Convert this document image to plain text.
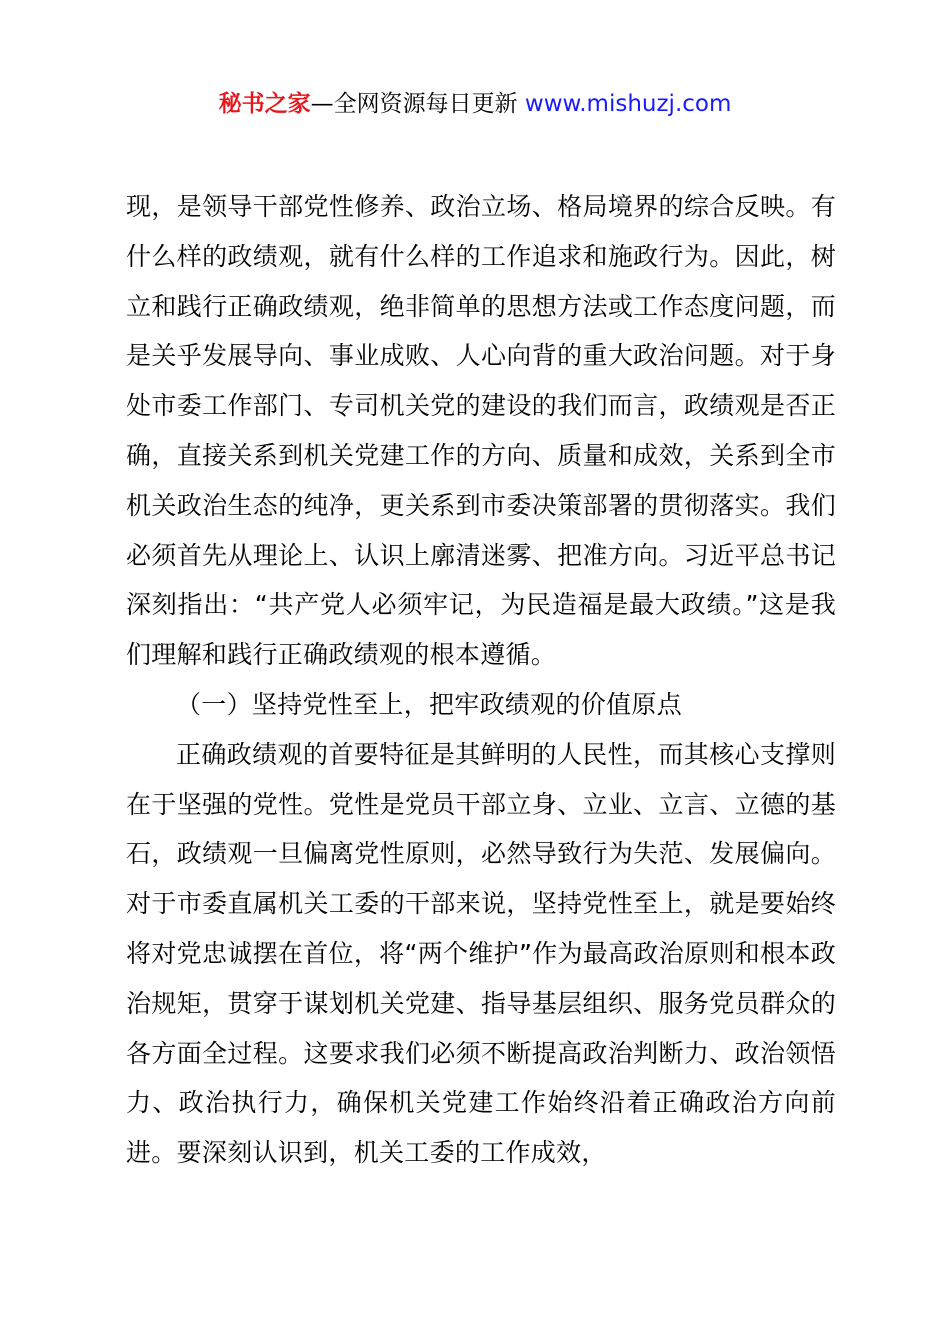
秘书之家—全网资源每日更新 www.mishuzj.com

现，是领导干部党性修养、政治立场、格局境界的综合反映。有什么样的政绩观，就有什么样的工作追求和施政行为。因此，树立和践行正确政绩观，绝非简单的思想方法或工作态度问题，而是关乎发展导向、事业成败、人心向背的重大政治问题。对于身处市委工作部门、专司机关党的建设的我们而言，政绩观是否正确，直接关系到机关党建工作的方向、质量和成效，关系到全市机关政治生态的纯净，更关系到市委决策部署的贯彻落实。我们必须首先从理论上、认识上廓清迷雾、把准方向。习近平总书记深刻指出：“共产党人必须牢记，为民造福是最大政绩。”这是我们理解和践行正确政绩观的根本遵循。

（一）坚持党性至上，把牢政绩观的价值原点

正确政绩观的首要特征是其鲜明的人民性，而其核心支撑则在于坚强的党性。党性是党员干部立身、立业、立言、立德的基石，政绩观一旦偏离党性原则，必然导致行为失范、发展偏向。对于市委直属机关工委的干部来说，坚持党性至上，就是要始终将对党忠诚摆在首位，将“两个维护”作为最高政治原则和根本政治规矩，贯穿于谋划机关党建、指导基层组织、服务党员群众的各方面全过程。这要求我们必须不断提高政治判断力、政治领悟力、政治执行力，确保机关党建工作始终沿着正确政治方向前进。要深刻认识到，机关工委的工作成效，
